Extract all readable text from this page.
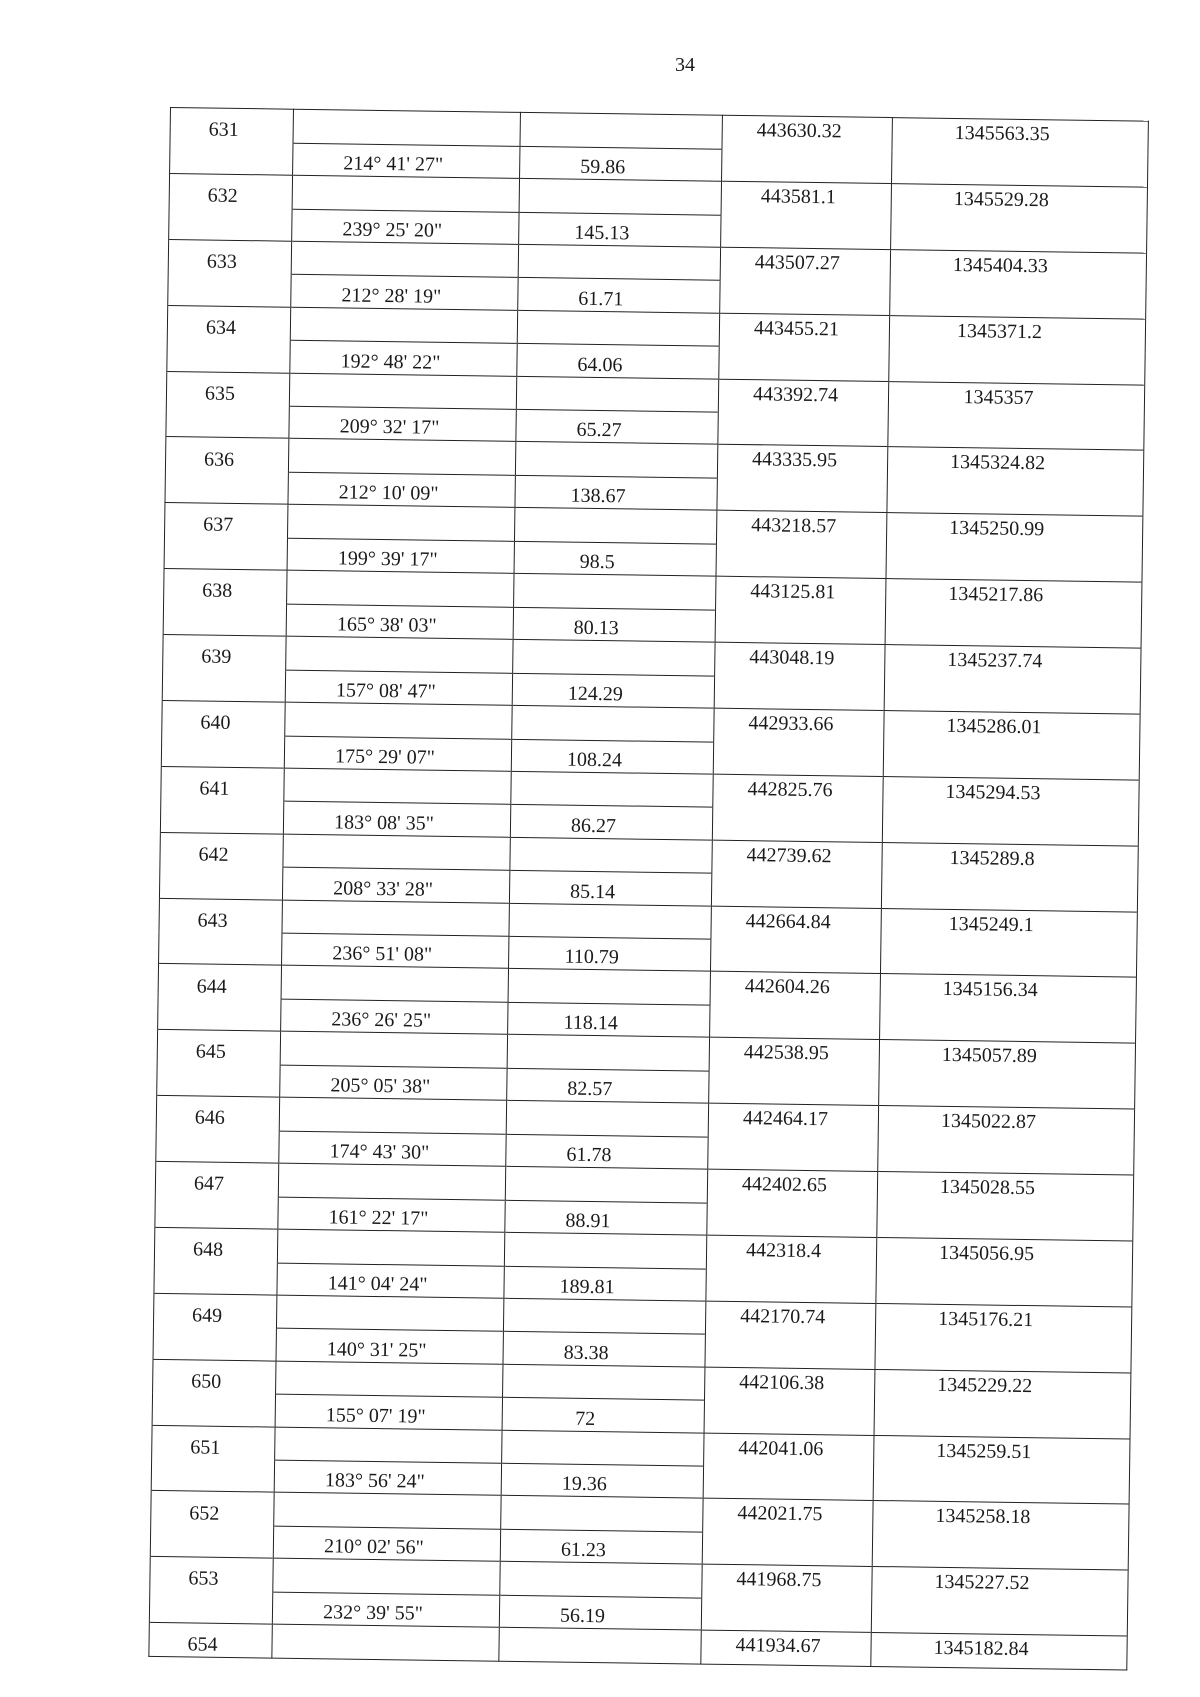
34
631			443630.32	1345563.35
	214° 41' 27"	59.86		
632			443581.1	1345529.28
	239° 25' 20"	145.13		
633			443507.27	1345404.33
	212° 28' 19"	61.71		
634			443455.21	1345371.2
	192° 48' 22"	64.06		
635			443392.74	1345357
	209° 32' 17"	65.27		
636			443335.95	1345324.82
	212° 10' 09"	138.67		
637			443218.57	1345250.99
	199° 39' 17"	98.5		
638			443125.81	1345217.86
	165° 38' 03"	80.13		
639			443048.19	1345237.74
	157° 08' 47"	124.29		
640			442933.66	1345286.01
	175° 29' 07"	108.24		
641			442825.76	1345294.53
	183° 08' 35"	86.27		
642			442739.62	1345289.8
	208° 33' 28"	85.14		
643			442664.84	1345249.1
	236° 51' 08"	110.79		
644			442604.26	1345156.34
	236° 26' 25"	118.14		
645			442538.95	1345057.89
	205° 05' 38"	82.57		
646			442464.17	1345022.87
	174° 43' 30"	61.78		
647			442402.65	1345028.55
	161° 22' 17"	88.91		
648			442318.4	1345056.95
	141° 04' 24"	189.81		
649			442170.74	1345176.21
	140° 31' 25"	83.38		
650			442106.38	1345229.22
	155° 07' 19"	72		
651			442041.06	1345259.51
	183° 56' 24"	19.36		
652			442021.75	1345258.18
	210° 02' 56"	61.23		
653			441968.75	1345227.52
	232° 39' 55"	56.19		
654			441934.67	1345182.84
